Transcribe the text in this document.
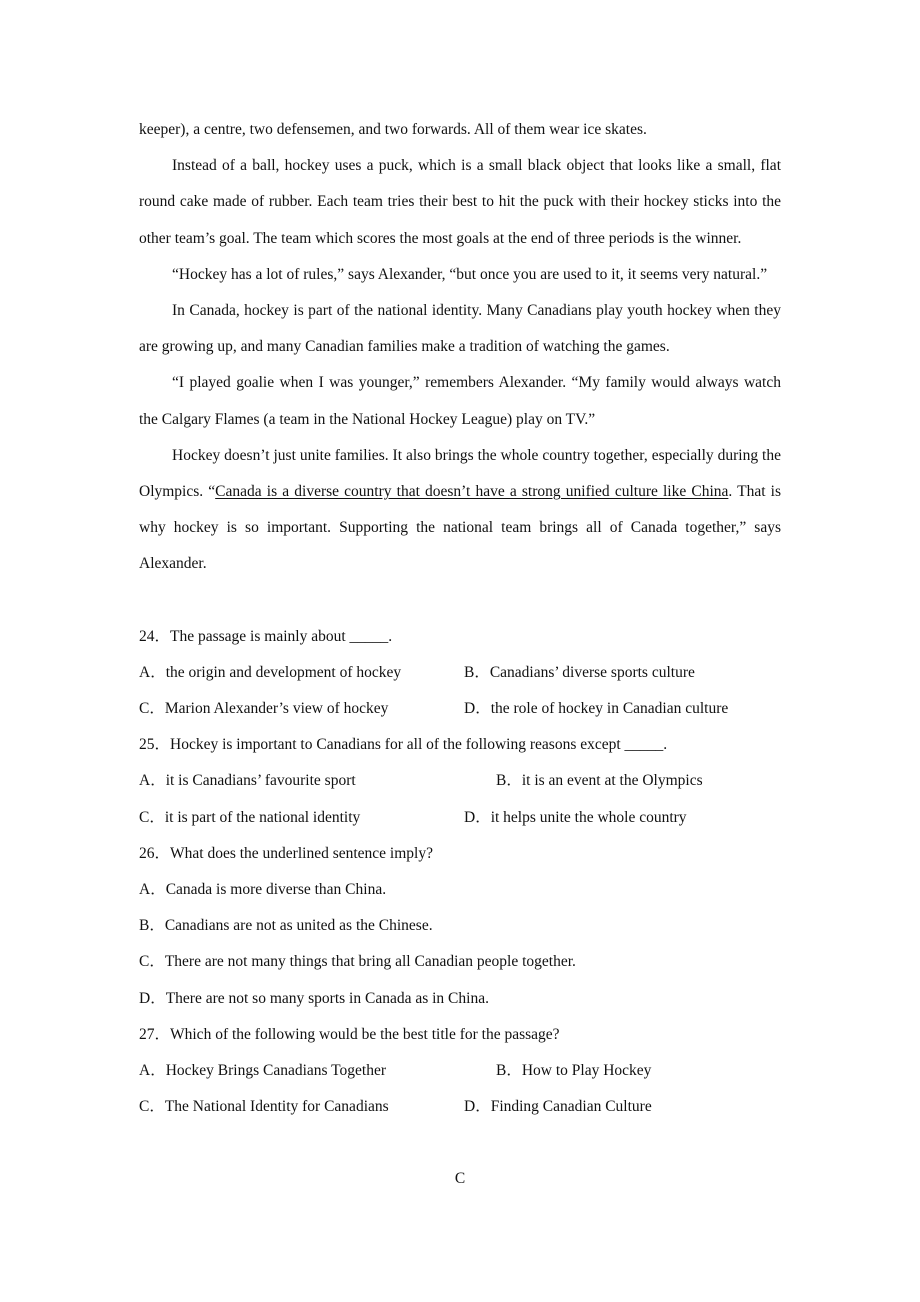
keeper), a centre, two defensemen, and two forwards. All of them wear ice skates.

Instead of a ball, hockey uses a puck, which is a small black object that looks like a small, flat round cake made of rubber. Each team tries their best to hit the puck with their hockey sticks into the other team’s goal. The team which scores the most goals at the end of three periods is the winner.

“Hockey has a lot of rules,” says Alexander, “but once you are used to it, it seems very natural.”

In Canada, hockey is part of the national identity. Many Canadians play youth hockey when they are growing up, and many Canadian families make a tradition of watching the games.

“I played goalie when I was younger,” remembers Alexander. “My family would always watch the Calgary Flames (a team in the National Hockey League) play on TV.”

Hockey doesn’t just unite families. It also brings the whole country together, especially during the Olympics. “Canada is a diverse country that doesn’t have a strong unified culture like China. That is why hockey is so important. Supporting the national team brings all of Canada together,” says Alexander.

24．The passage is mainly about _____.

A．the origin and development of hockey	B．Canadians’ diverse sports culture
C．Marion Alexander’s view of hockey	D．the role of hockey in Canadian culture

25．Hockey is important to Canadians for all of the following reasons except _____.

A．it is Canadians’ favourite sport	B．it is an event at the Olympics
C．it is part of the national identity	D．it helps unite the whole country

26．What does the underlined sentence imply?

A．Canada is more diverse than China.

B．Canadians are not as united as the Chinese.

C．There are not many things that bring all Canadian people together.

D．There are not so many sports in Canada as in China.

27．Which of the following would be the best title for the passage?

A．Hockey Brings Canadians Together	B．How to Play Hockey
C．The National Identity for Canadians	D．Finding Canadian Culture
C
